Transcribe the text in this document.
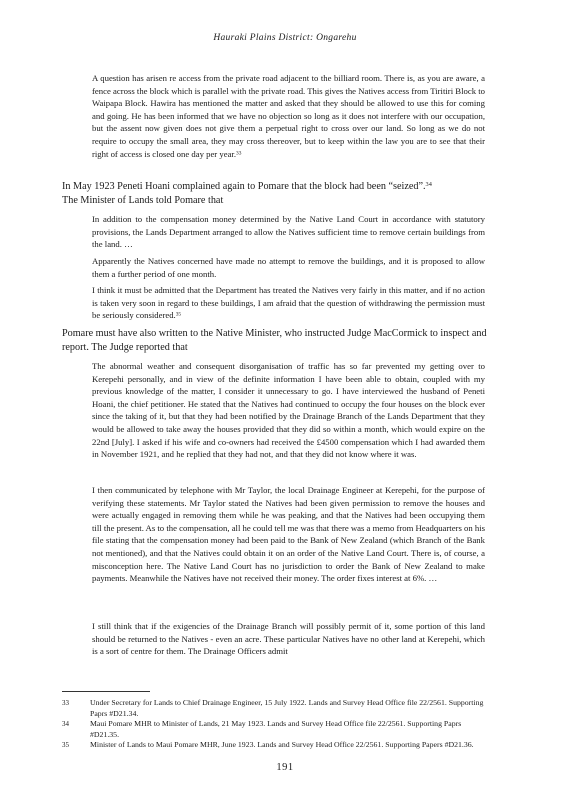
Hauraki Plains District: Ongarehu

A question has arisen re access from the private road adjacent to the billiard room. There is, as you are aware, a fence across the block which is parallel with the private road. This gives the Natives access from Tiritiri Block to Waipapa Block. Hawira has mentioned the matter and asked that they should be allowed to use this for coming and going. He has been informed that we have no objection so long as it does not interfere with our occupation, but the assent now given does not give them a perpetual right to cross over our land. So long as we do not require to occupy the small area, they may cross thereover, but to keep within the law you are to see that their right of access is closed one day per year.$^{33}$

In May 1923 Peneti Hoani complained again to Pomare that the block had been “seized”.$^{34}$
The Minister of Lands told Pomare that

In addition to the compensation money determined by the Native Land Court in accordance with statutory provisions, the Lands Department arranged to allow the Natives sufficient time to remove certain buildings from the land. …

Apparently the Natives concerned have made no attempt to remove the buildings, and it is proposed to allow them a further period of one month.

I think it must be admitted that the Department has treated the Natives very fairly in this matter, and if no action is taken very soon in regard to these buildings, I am afraid that the question of withdrawing the permission must be seriously considered.$^{35}$

Pomare must have also written to the Native Minister, who instructed Judge MacCormick to inspect and report. The Judge reported that

The abnormal weather and consequent disorganisation of traffic has so far prevented my getting over to Kerepehi personally, and in view of the definite information I have been able to obtain, coupled with my previous knowledge of the matter, I consider it unnecessary to go. I have interviewed the husband of Peneti Hoani, the chief petitioner. He stated that the Natives had continued to occupy the four houses on the block ever since the taking of it, but that they had been notified by the Drainage Branch of the Lands Department that they would be allowed to take away the houses provided that they did so within a month, which would expire on the 22nd [July]. I asked if his wife and co-owners had received the £4500 compensation which I had awarded them in November 1921, and he replied that they had not, and that they did not know where it was.

I then communicated by telephone with Mr Taylor, the local Drainage Engineer at Kerepehi, for the purpose of verifying these statements. Mr Taylor stated the Natives had been given permission to remove the houses and were actually engaged in removing them while he was peaking, and that the Natives had been occupying them till the present. As to the compensation, all he could tell me was that there was a memo from Headquarters on his file stating that the compensation money had been paid to the Bank of New Zealand (which Branch of the Bank not mentioned), and that the Natives could obtain it on an order of the Native Land Court. There is, of course, a misconception here. The Native Land Court has no jurisdiction to order the Bank of New Zealand to make payments. Meanwhile the Natives have not received their money. The order fixes interest at 6%. …

I still think that if the exigencies of the Drainage Branch will possibly permit of it, some portion of this land should be returned to the Natives - even an acre. These particular Natives have no other land at Kerepehi, which is a sort of centre for them. The Drainage Officers admit

33	Under Secretary for Lands to Chief Drainage Engineer, 15 July 1922. Lands and Survey Head Office file 22/2561. Supporting Paprs #D21.34.
34	Maui Pomare MHR to Minister of Lands, 21 May 1923. Lands and Survey Head Office file 22/2561. Supporting Paprs #D21.35.
35	Minister of Lands to Maui Pomare MHR, June 1923. Lands and Survey Head Office 22/2561. Supporting Papers #D21.36.
191
